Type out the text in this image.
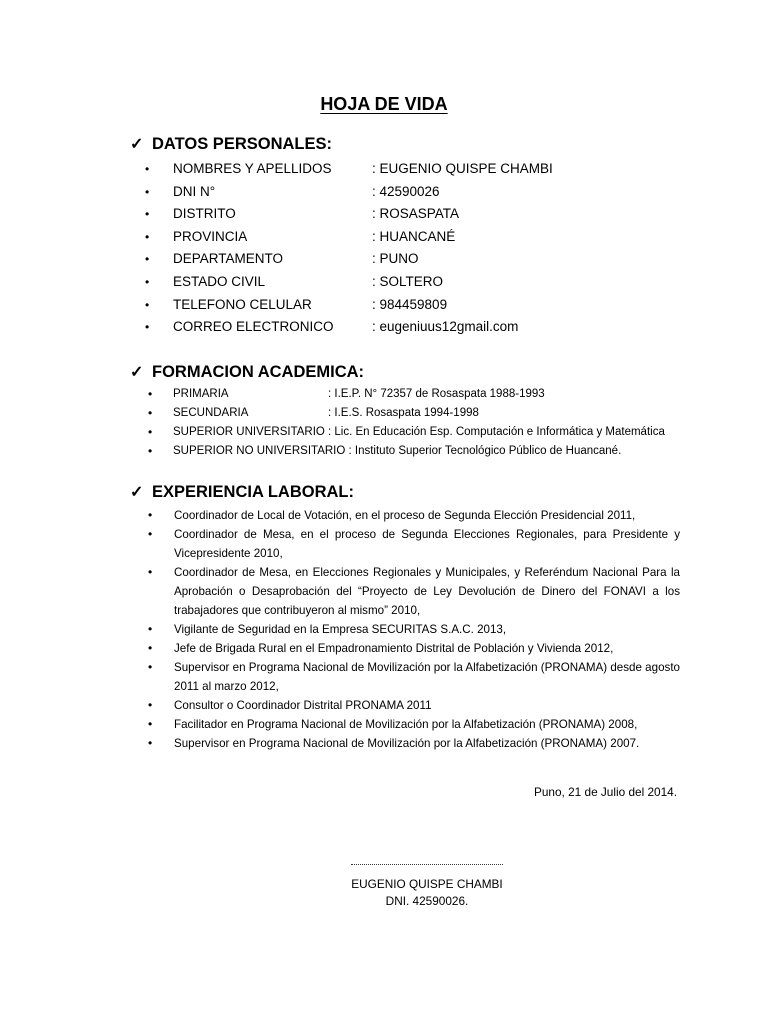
HOJA DE VIDA
✓ DATOS PERSONALES:
• NOMBRES Y APELLIDOS	: EUGENIO QUISPE CHAMBI
• DNI N°	: 42590026
• DISTRITO	: ROSASPATA
• PROVINCIA	: HUANCANÉ
• DEPARTAMENTO	: PUNO
• ESTADO CIVIL	: SOLTERO
• TELEFONO CELULAR	: 984459809
• CORREO ELECTRONICO	: eugeniuus12gmail.com
✓ FORMACION ACADEMICA:
• PRIMARIA	: I.E.P. N° 72357 de Rosaspata 1988-1993
• SECUNDARIA	: I.E.S. Rosaspata 1994-1998
• SUPERIOR UNIVERSITARIO : Lic. En Educación Esp. Computación e Informática y Matemática
• SUPERIOR NO UNIVERSITARIO : Instituto Superior Tecnológico Público de Huancané.
✓ EXPERIENCIA LABORAL:
• Coordinador de Local de Votación, en el proceso de Segunda Elección Presidencial 2011,
• Coordinador de Mesa, en el proceso de Segunda Elecciones Regionales, para Presidente y Vicepresidente 2010,
• Coordinador de Mesa, en Elecciones Regionales y Municipales, y Referéndum Nacional Para la Aprobación o Desaprobación del “Proyecto de Ley Devolución de Dinero del FONAVI a los trabajadores que contribuyeron al mismo” 2010,
• Vigilante de Seguridad en la Empresa SECURITAS S.A.C. 2013,
• Jefe de Brigada Rural en el Empadronamiento Distrital de Población y Vivienda 2012,
• Supervisor en Programa Nacional de Movilización por la Alfabetización (PRONAMA) desde agosto 2011 al marzo 2012,
• Consultor o Coordinador Distrital PRONAMA 2011
• Facilitador en Programa Nacional de Movilización por la Alfabetización (PRONAMA) 2008,
• Supervisor en Programa Nacional de Movilización por la Alfabetización (PRONAMA) 2007.
Puno, 21 de Julio del 2014.
EUGENIO QUISPE CHAMBI
DNI. 42590026.
